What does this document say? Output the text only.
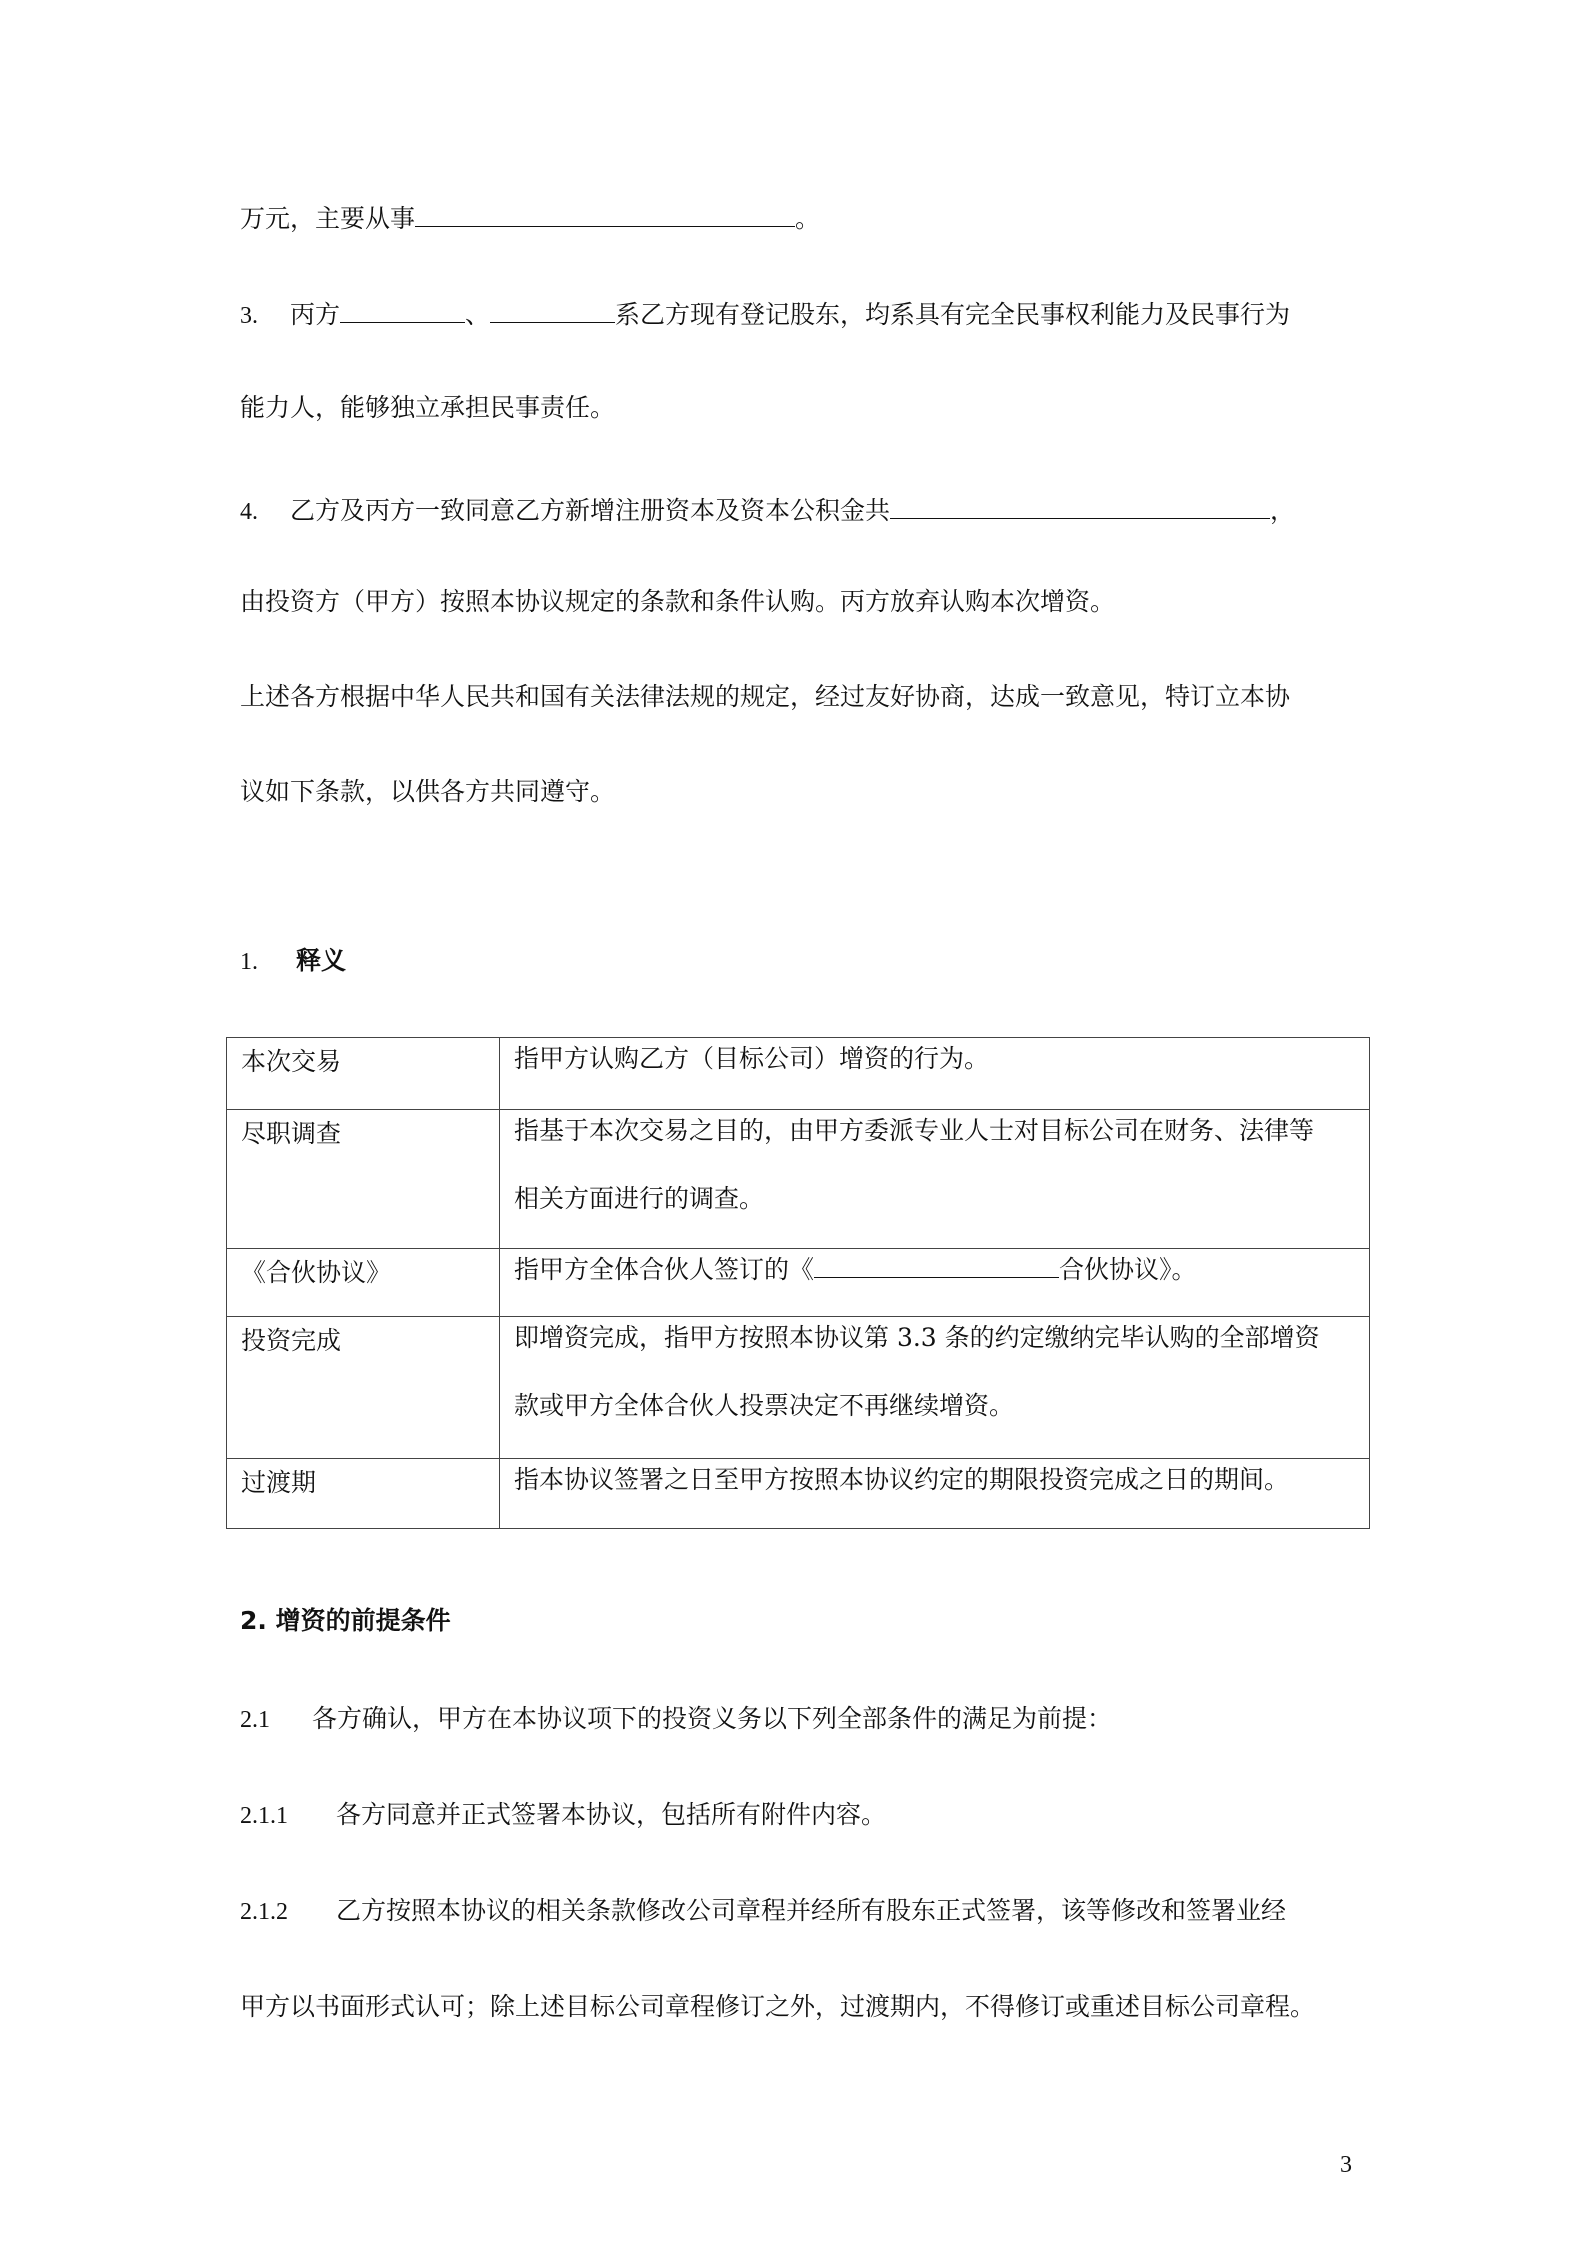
万元，主要从事	。
3. 丙方	、	系乙方现有登记股东，均系具有完全民事权利能力及民事行为
能力人，能够独立承担民事责任。
4. 乙方及丙方一致同意乙方新增注册资本及资本公积金共	，
由投资方（甲方）按照本协议规定的条款和条件认购。丙方放弃认购本次增资。
上述各方根据中华人民共和国有关法律法规的规定，经过友好协商，达成一致意见，特订立本协
议如下条款，以供各方共同遵守。
1. 释义
本次交易	指甲方认购乙方（目标公司）增资的行为。

尽职调查	指基于本次交易之目的，由甲方委派专业人士对目标公司在财务、法律等
相关方面进行的调查。

《合伙协议》	指甲方全体合伙人签订的《 合伙协议》。

投资完成	即增资完成，指甲方按照本协议第 3.3 条的约定缴纳完毕认购的全部增资
款或甲方全体合伙人投票决定不再继续增资。

过渡期	指本协议签署之日至甲方按照本协议约定的期限投资完成之日的期间。
2. 增资的前提条件
2.1 各方确认，甲方在本协议项下的投资义务以下列全部条件的满足为前提：
2.1.1 各方同意并正式签署本协议，包括所有附件内容。
2.1.2 乙方按照本协议的相关条款修改公司章程并经所有股东正式签署，该等修改和签署业经
甲方以书面形式认可；除上述目标公司章程修订之外，过渡期内，不得修订或重述目标公司章程。
3
